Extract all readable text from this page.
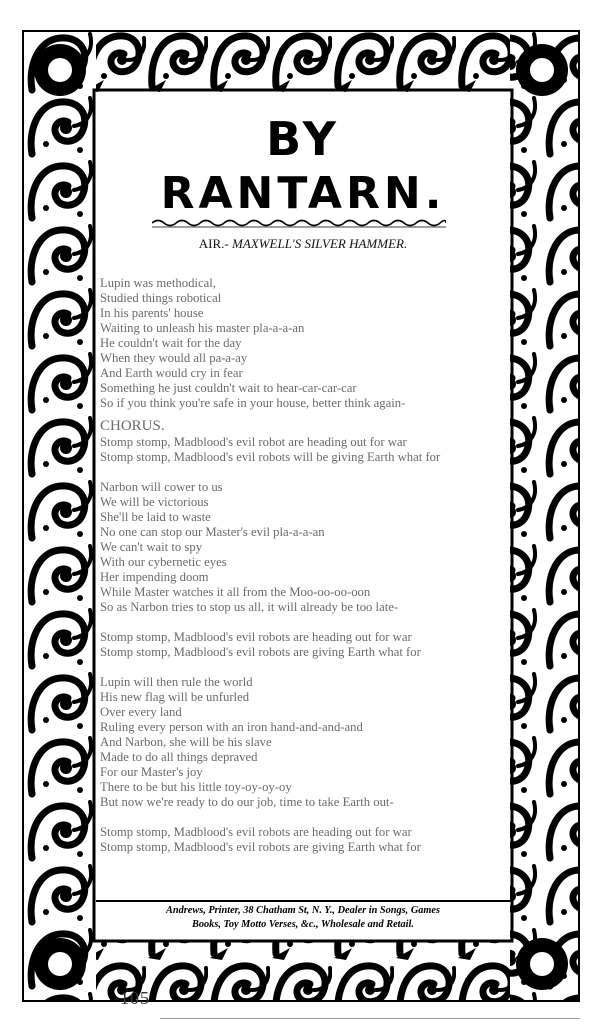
BY
RANTARN.
AIR.- MAXWELL'S SILVER HAMMER.
Lupin was methodical,
Studied things robotical
In his parents' house
Waiting to unleash his master pla-a-a-an
He couldn't wait for the day
When they would all pa-a-ay
And Earth would cry in fear
Something he just couldn't wait to hear-car-car-car
So if you think you're safe in your house, better think again-
CHORUS.
Stomp stomp, Madblood's evil robot are heading out for war
Stomp stomp, Madblood's evil robots will be giving Earth what for
Narbon will cower to us
We will be victorious
She'll be laid to waste
No one can stop our Master's evil pla-a-a-an
We can't wait to spy
With our cybernetic eyes
Her impending doom
While Master watches it all from the Moo-oo-oo-oon
So as Narbon tries to stop us all, it will already be too late-
Stomp stomp, Madblood's evil robots are heading out for war
Stomp stomp, Madblood's evil robots are giving Earth what for
Lupin will then rule the world
His new flag will be unfurled
Over every land
Ruling every person with an iron hand-and-and-and
And Narbon, she will be his slave
Made to do all things depraved
For our Master's joy
There to be but his little toy-oy-oy-oy
But now we're ready to do our job, time to take Earth out-
Stomp stomp, Madblood's evil robots are heading out for war
Stomp stomp, Madblood's evil robots are giving Earth what for
Andrews, Printer, 38 Chatham St, N. Y., Dealer in Songs, Games
Books, Toy Motto Verses, &c., Wholesale and Retail.
105
